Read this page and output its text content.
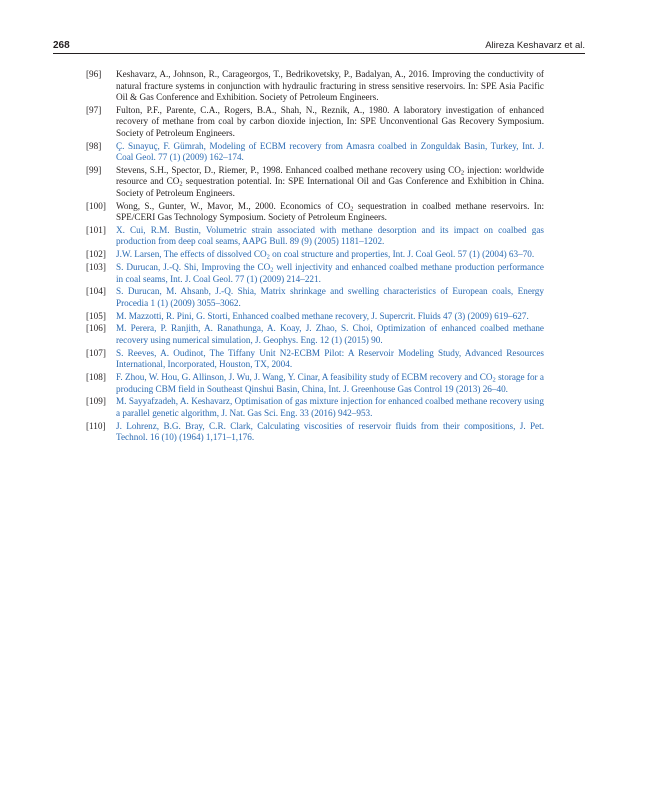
268	Alireza Keshavarz et al.
[96]	Keshavarz, A., Johnson, R., Carageorgos, T., Bedrikovetsky, P., Badalyan, A., 2016. Improving the conductivity of natural fracture systems in conjunction with hydraulic fracturing in stress sensitive reservoirs. In: SPE Asia Pacific Oil & Gas Conference and Exhibition. Society of Petroleum Engineers.
[97]	Fulton, P.F., Parente, C.A., Rogers, B.A., Shah, N., Reznik, A., 1980. A laboratory investigation of enhanced recovery of methane from coal by carbon dioxide injection, In: SPE Unconventional Gas Recovery Symposium. Society of Petroleum Engineers.
[98]	Ç. Sınayuç, F. Gümrah, Modeling of ECBM recovery from Amasra coalbed in Zonguldak Basin, Turkey, Int. J. Coal Geol. 77 (1) (2009) 162–174.
[99]	Stevens, S.H., Spector, D., Riemer, P., 1998. Enhanced coalbed methane recovery using $CO_2$ injection: worldwide resource and $CO_2$ sequestration potential. In: SPE International Oil and Gas Conference and Exhibition in China. Society of Petroleum Engineers.
[100]	Wong, S., Gunter, W., Mavor, M., 2000. Economics of $CO_2$ sequestration in coalbed methane reservoirs. In: SPE/CERI Gas Technology Symposium. Society of Petroleum Engineers.
[101]	X. Cui, R.M. Bustin, Volumetric strain associated with methane desorption and its impact on coalbed gas production from deep coal seams, AAPG Bull. 89 (9) (2005) 1181–1202.
[102]	J.W. Larsen, The effects of dissolved $CO_2$ on coal structure and properties, Int. J. Coal Geol. 57 (1) (2004) 63–70.
[103]	S. Durucan, J.-Q. Shi, Improving the $CO_2$ well injectivity and enhanced coalbed methane production performance in coal seams, Int. J. Coal Geol. 77 (1) (2009) 214–221.
[104]	S. Durucan, M. Ahsanb, J.-Q. Shia, Matrix shrinkage and swelling characteristics of European coals, Energy Procedia 1 (1) (2009) 3055–3062.
[105]	M. Mazzotti, R. Pini, G. Storti, Enhanced coalbed methane recovery, J. Supercrit. Fluids 47 (3) (2009) 619–627.
[106]	M. Perera, P. Ranjith, A. Ranathunga, A. Koay, J. Zhao, S. Choi, Optimization of enhanced coalbed methane recovery using numerical simulation, J. Geophys. Eng. 12 (1) (2015) 90.
[107]	S. Reeves, A. Oudinot, The Tiffany Unit N2-ECBM Pilot: A Reservoir Modeling Study, Advanced Resources International, Incorporated, Houston, TX, 2004.
[108]	F. Zhou, W. Hou, G. Allinson, J. Wu, J. Wang, Y. Cinar, A feasibility study of ECBM recovery and $CO_2$ storage for a producing CBM field in Southeast Qinshui Basin, China, Int. J. Greenhouse Gas Control 19 (2013) 26–40.
[109]	M. Sayyafzadeh, A. Keshavarz, Optimisation of gas mixture injection for enhanced coalbed methane recovery using a parallel genetic algorithm, J. Nat. Gas Sci. Eng. 33 (2016) 942–953.
[110]	J. Lohrenz, B.G. Bray, C.R. Clark, Calculating viscosities of reservoir fluids from their compositions, J. Pet. Technol. 16 (10) (1964) 1,171–1,176.
